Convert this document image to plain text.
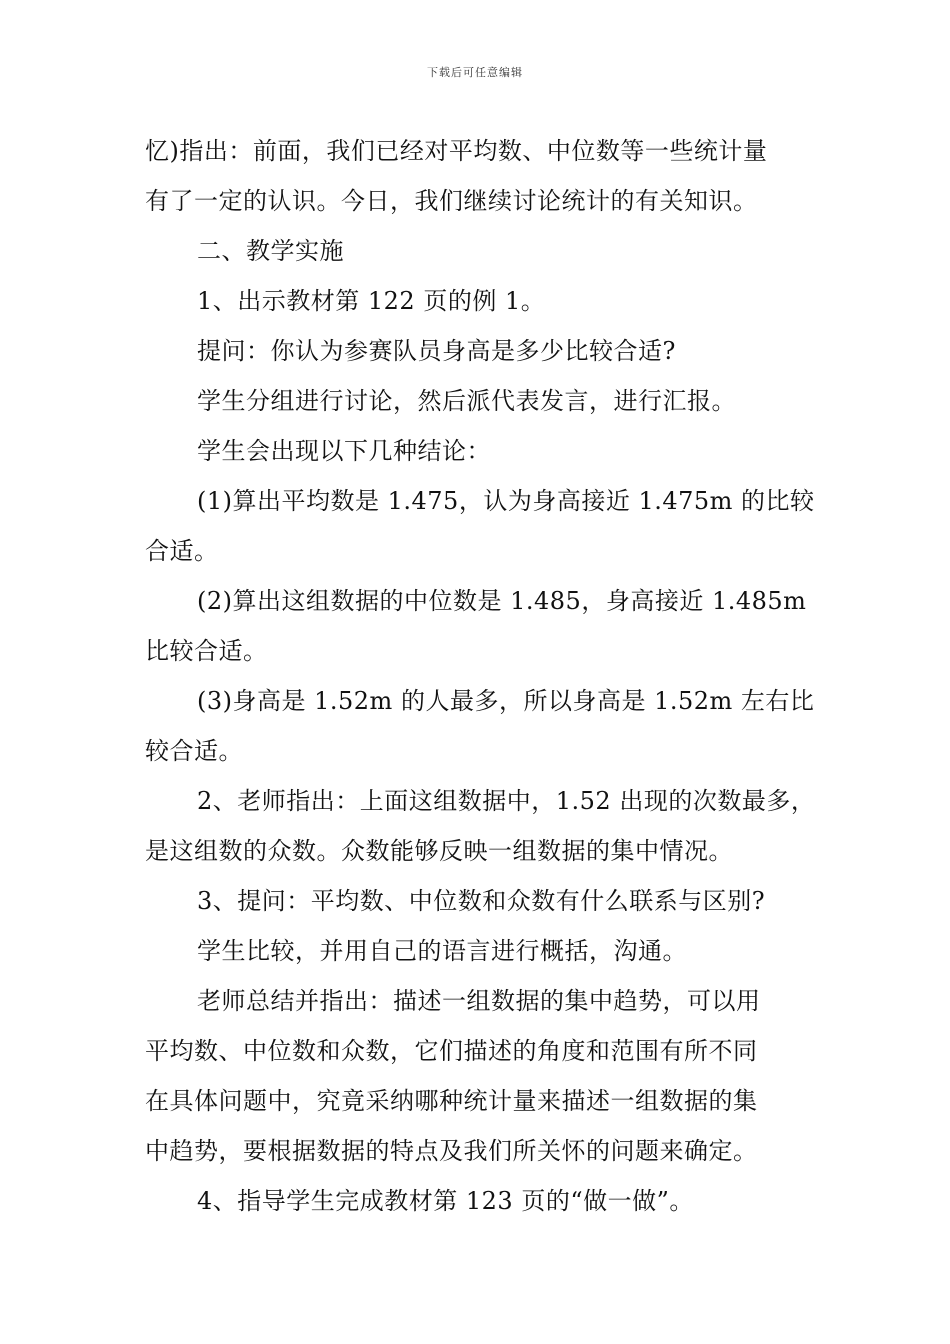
下载后可任意编辑
忆)指出：前面，我们已经对平均数、中位数等一些统计量
有了一定的认识。今日，我们继续讨论统计的有关知识。
二、教学实施
1、出示教材第 122 页的例 1。
提问：你认为参赛队员身高是多少比较合适?
学生分组进行讨论，然后派代表发言，进行汇报。
学生会出现以下几种结论：
(1)算出平均数是 1.475，认为身高接近 1.475m 的比较
合适。
(2)算出这组数据的中位数是 1.485，身高接近 1.485m
比较合适。
(3)身高是 1.52m 的人最多，所以身高是 1.52m 左右比
较合适。
2、老师指出：上面这组数据中，1.52 出现的次数最多，
是这组数的众数。众数能够反映一组数据的集中情况。
3、提问：平均数、中位数和众数有什么联系与区别?
学生比较，并用自己的语言进行概括，沟通。
老师总结并指出：描述一组数据的集中趋势，可以用
平均数、中位数和众数，它们描述的角度和范围有所不同
在具体问题中，究竟采纳哪种统计量来描述一组数据的集
中趋势，要根据数据的特点及我们所关怀的问题来确定。
4、指导学生完成教材第 123 页的“做一做”。
